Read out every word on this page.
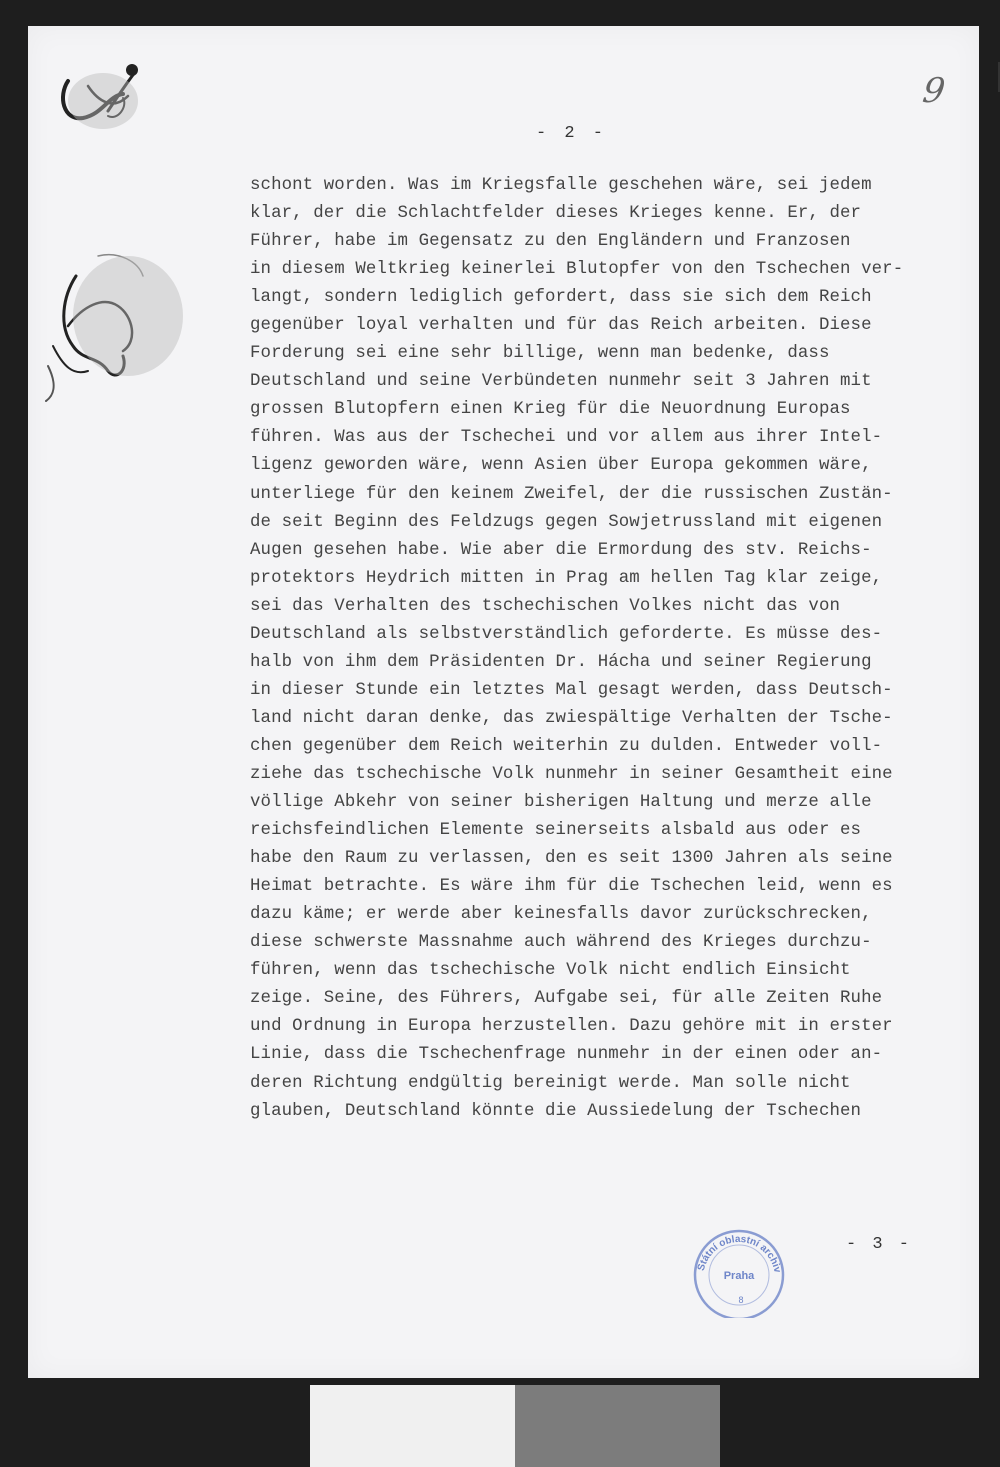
- 2 -
9
Státní oblastní archiv
Praha
8
- 3 -
schont worden. Was im Kriegsfalle geschehen wäre, sei jedem
klar, der die Schlachtfelder dieses Krieges kenne. Er, der
Führer, habe im Gegensatz zu den Engländern und Franzosen
in diesem Weltkrieg keinerlei Blutopfer von den Tschechen ver-
langt, sondern lediglich gefordert, dass sie sich dem Reich
gegenüber loyal verhalten und für das Reich arbeiten. Diese
Forderung sei eine sehr billige, wenn man bedenke, dass
Deutschland und seine Verbündeten nunmehr seit 3 Jahren mit
grossen Blutopfern einen Krieg für die Neuordnung Europas
führen. Was aus der Tschechei und vor allem aus ihrer Intel-
ligenz geworden wäre, wenn Asien über Europa gekommen wäre,
unterliege für den keinem Zweifel, der die russischen Zustän-
de seit Beginn des Feldzugs gegen Sowjetrussland mit eigenen
Augen gesehen habe. Wie aber die Ermordung des stv. Reichs-
protektors Heydrich mitten in Prag am hellen Tag klar zeige,
sei das Verhalten des tschechischen Volkes nicht das von
Deutschland als selbstverständlich geforderte. Es müsse des-
halb von ihm dem Präsidenten Dr. Hácha und seiner Regierung
in dieser Stunde ein letztes Mal gesagt werden, dass Deutsch-
land nicht daran denke, das zwiespältige Verhalten der Tsche-
chen gegenüber dem Reich weiterhin zu dulden. Entweder voll-
ziehe das tschechische Volk nunmehr in seiner Gesamtheit eine
völlige Abkehr von seiner bisherigen Haltung und merze alle
reichsfeindlichen Elemente seinerseits alsbald aus oder es
habe den Raum zu verlassen, den es seit 1300 Jahren als seine
Heimat betrachte. Es wäre ihm für die Tschechen leid, wenn es
dazu käme; er werde aber keinesfalls davor zurückschrecken,
diese schwerste Massnahme auch während des Krieges durchzu-
führen, wenn das tschechische Volk nicht endlich Einsicht
zeige. Seine, des Führers, Aufgabe sei, für alle Zeiten Ruhe
und Ordnung in Europa herzustellen. Dazu gehöre mit in erster
Linie, dass die Tschechenfrage nunmehr in der einen oder an-
deren Richtung endgültig bereinigt werde. Man solle nicht
glauben, Deutschland könnte die Aussiedelung der Tschechen
